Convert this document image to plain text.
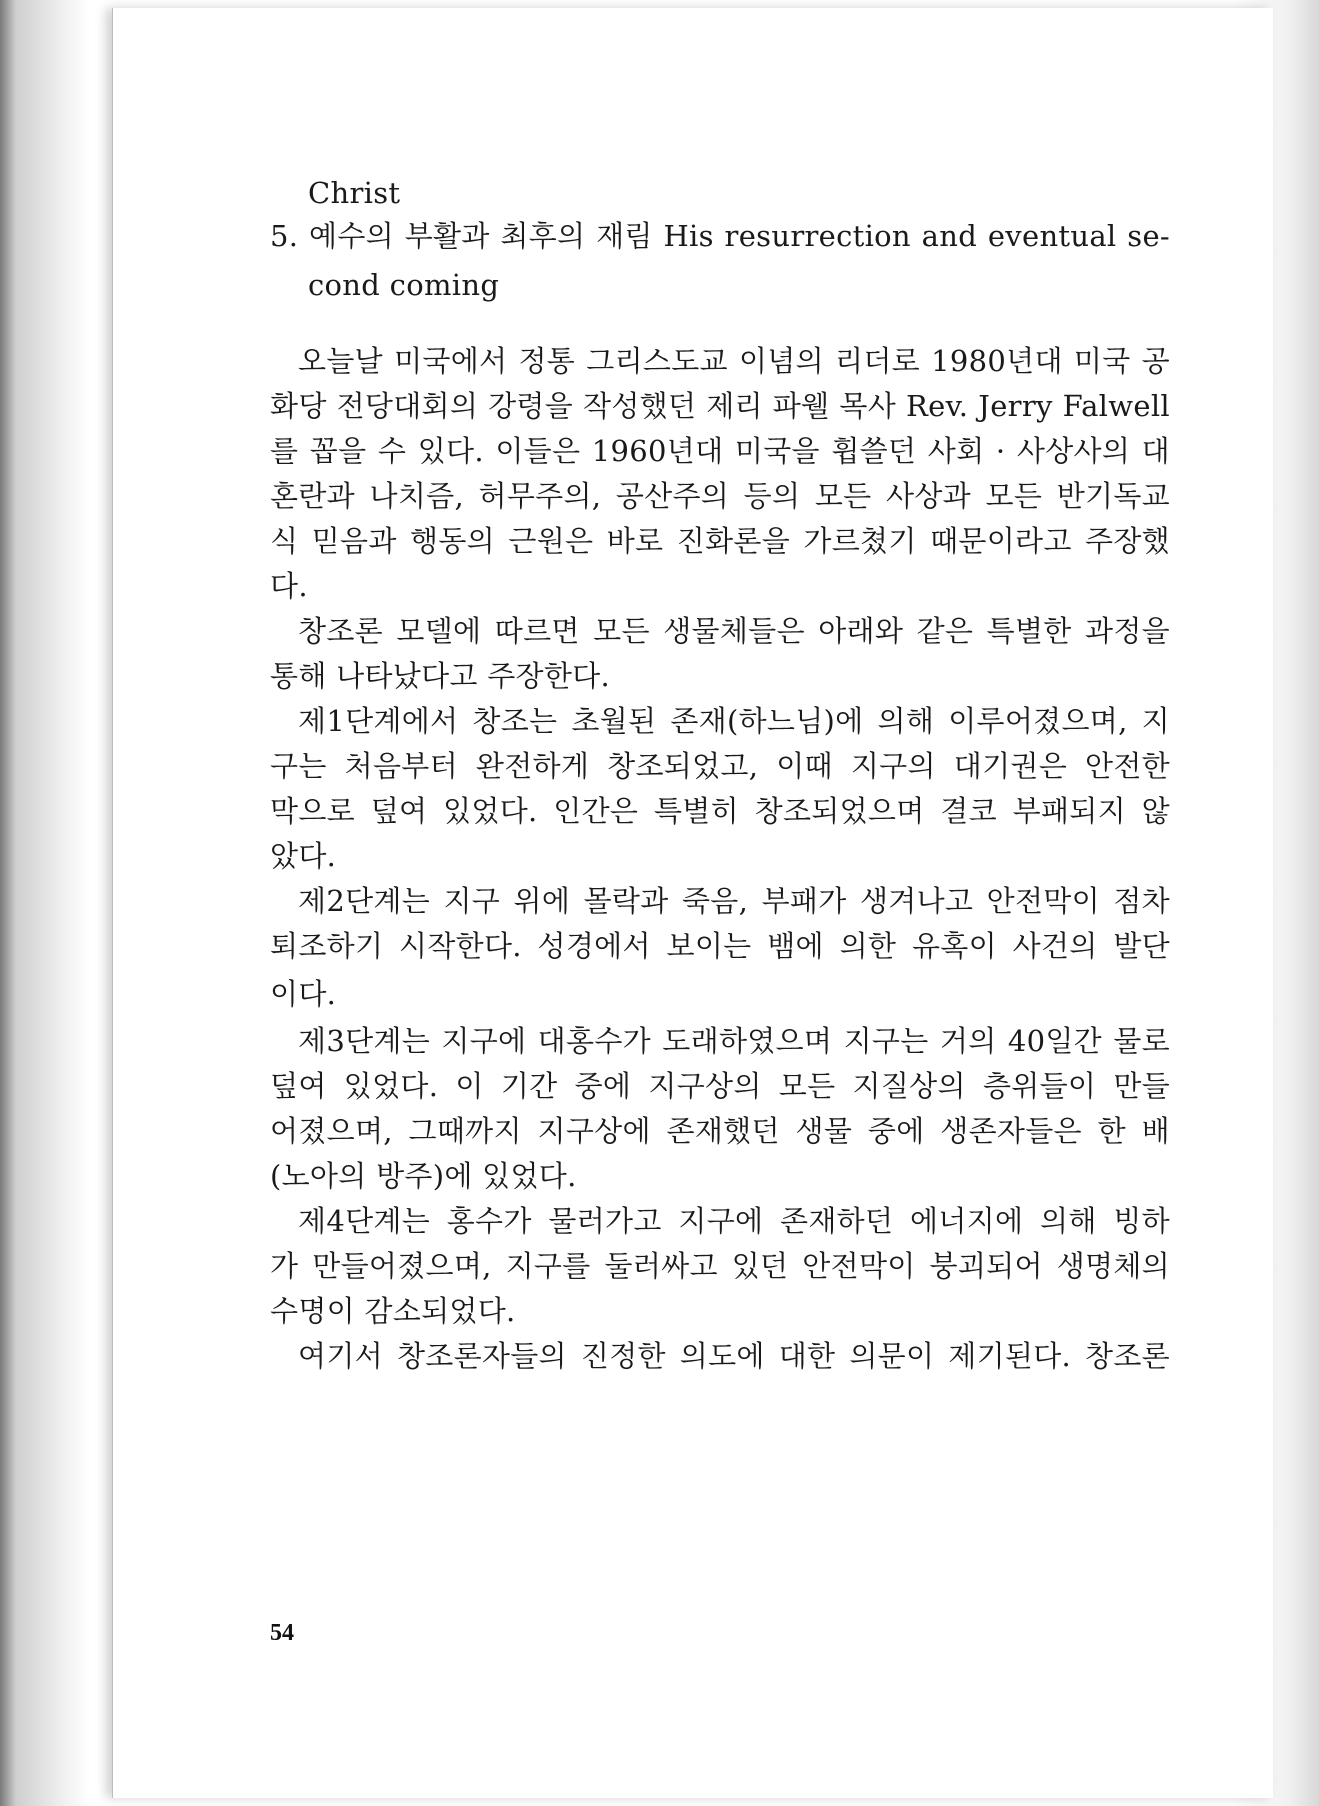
Christ
5. 예수의 부활과 최후의 재림 His resurrection and eventual se-
cond coming
오늘날 미국에서 정통 그리스도교 이념의 리더로 1980년대 미국 공
화당 전당대회의 강령을 작성했던 제리 파웰 목사 Rev. Jerry Falwell
를 꼽을 수 있다. 이들은 1960년대 미국을 휩쓸던 사회 · 사상사의 대
혼란과 나치즘, 허무주의, 공산주의 등의 모든 사상과 모든 반기독교
식 믿음과 행동의 근원은 바로 진화론을 가르쳤기 때문이라고 주장했
다.
창조론 모델에 따르면 모든 생물체들은 아래와 같은 특별한 과정을
통해 나타났다고 주장한다.
제1단계에서 창조는 초월된 존재(하느님)에 의해 이루어졌으며, 지
구는 처음부터 완전하게 창조되었고, 이때 지구의 대기권은 안전한
막으로 덮여 있었다. 인간은 특별히 창조되었으며 결코 부패되지 않
았다.
제2단계는 지구 위에 몰락과 죽음, 부패가 생겨나고 안전막이 점차
퇴조하기 시작한다. 성경에서 보이는 뱀에 의한 유혹이 사건의 발단
이다.
제3단계는 지구에 대홍수가 도래하였으며 지구는 거의 40일간 물로
덮여 있었다. 이 기간 중에 지구상의 모든 지질상의 층위들이 만들
어졌으며, 그때까지 지구상에 존재했던 생물 중에 생존자들은 한 배
(노아의 방주)에 있었다.
제4단계는 홍수가 물러가고 지구에 존재하던 에너지에 의해 빙하
가 만들어졌으며, 지구를 둘러싸고 있던 안전막이 붕괴되어 생명체의
수명이 감소되었다.
여기서 창조론자들의 진정한 의도에 대한 의문이 제기된다. 창조론
54
